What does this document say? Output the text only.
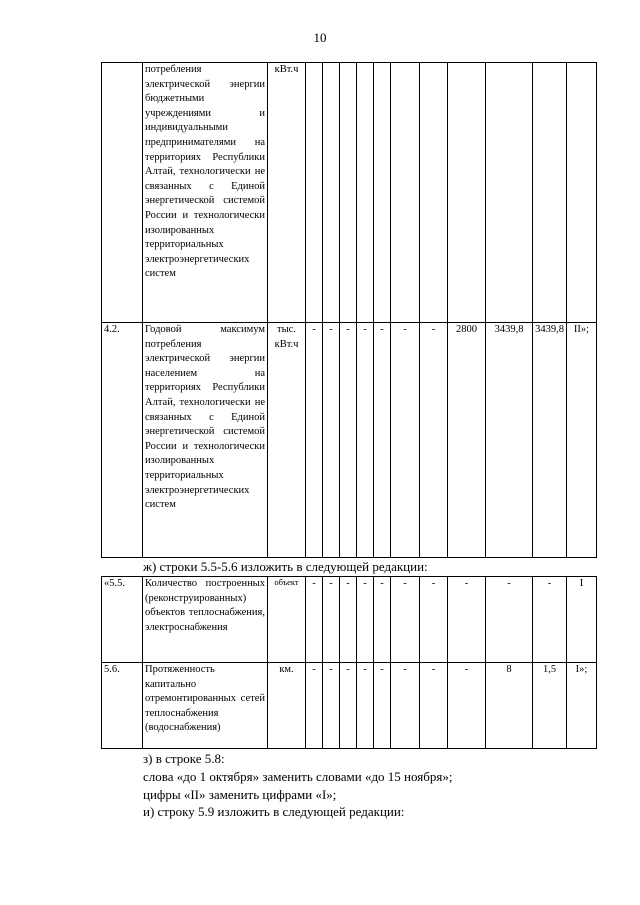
10
	потребления электрической энергии бюджетными учреждениями и индивидуальными предпринимателями на территориях Республики Алтай, технологически не связанных с Единой энергетической системой России и технологически изолированных территориальных электроэнергетических систем	кВт.ч											
4.2.	Годовой максимум потребления электрической энергии населением на территориях Республики Алтай, технологически не связанных с Единой энергетической системой России и технологически изолированных территориальных электроэнергетических систем	тыс. кВт.ч	-	-	-	-	-	-	-	2800	3439,8	3439,8	II»;
ж) строки 5.5-5.6 изложить в следующей редакции:
«5.5.	Количество построенных (реконструированных) объектов теплоснабжения, электроснабжения	объект	-	-	-	-	-	-	-	-	-	-	I
5.6.	Протяженность капитально отремонтированных сетей теплоснабжения (водоснабжения)	км.	-	-	-	-	-	-	-	-	8	1,5	I»;
з) в строке 5.8:
слова «до 1 октября» заменить словами «до 15 ноября»;
цифры «II» заменить цифрами «I»;
и) строку 5.9 изложить в следующей редакции:
